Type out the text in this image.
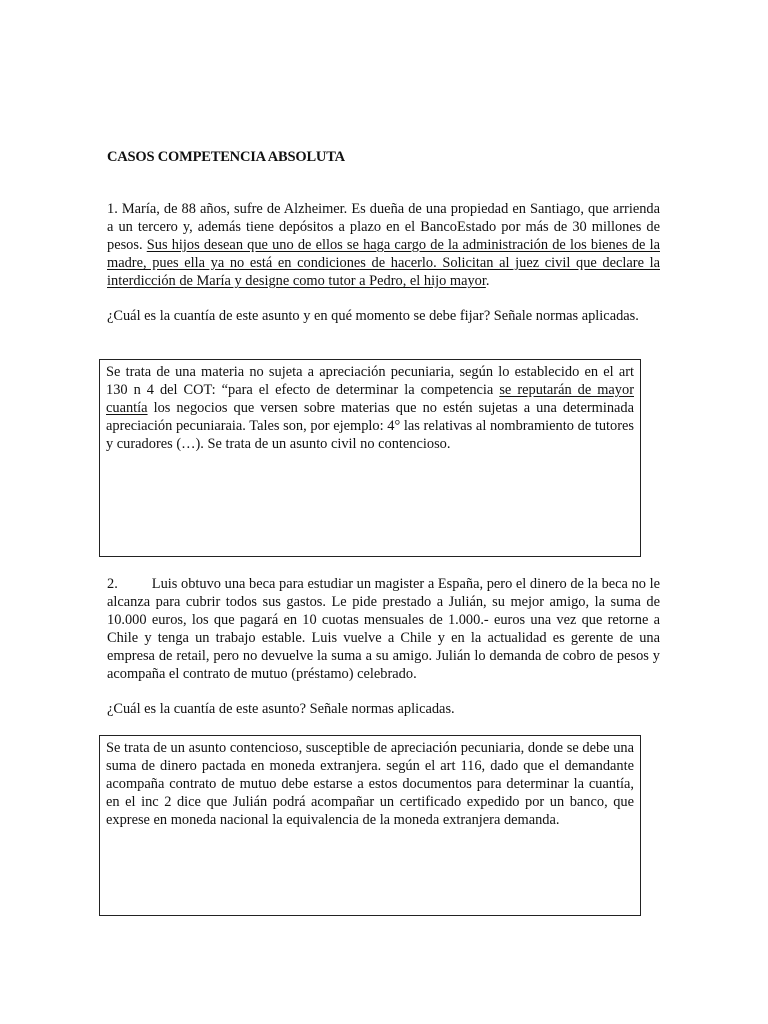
CASOS COMPETENCIA ABSOLUTA

1. María, de 88 años, sufre de Alzheimer. Es dueña de una propiedad en Santiago, que arrienda a un tercero y, además tiene depósitos a plazo en el BancoEstado por más de 30 millones de pesos. Sus hijos desean que uno de ellos se haga cargo de la administración de los bienes de la madre, pues ella ya no está en condiciones de hacerlo. Solicitan al juez civil que declare la interdicción de María y designe como tutor a Pedro, el hijo mayor.

¿Cuál es la cuantía de este asunto y en qué momento se debe fijar? Señale normas aplicadas.

Se trata de una materia no sujeta a apreciación pecuniaria, según lo establecido en el art 130 n 4 del COT: “para el efecto de determinar la competencia se reputarán de mayor cuantía los negocios que versen sobre materias que no estén sujetas a una determinada apreciación pecuniaraia. Tales son, por ejemplo: 4° las relativas al nombramiento de tutores y curadores (…). Se trata de un asunto civil no contencioso.

2. Luis obtuvo una beca para estudiar un magister a España, pero el dinero de la beca no le alcanza para cubrir todos sus gastos. Le pide prestado a Julián, su mejor amigo, la suma de 10.000 euros, los que pagará en 10 cuotas mensuales de 1.000.- euros una vez que retorne a Chile y tenga un trabajo estable. Luis vuelve a Chile y en la actualidad es gerente de una empresa de retail, pero no devuelve la suma a su amigo. Julián lo demanda de cobro de pesos y acompaña el contrato de mutuo (préstamo) celebrado.

¿Cuál es la cuantía de este asunto? Señale normas aplicadas.

Se trata de un asunto contencioso, susceptible de apreciación pecuniaria, donde se debe una suma de dinero pactada en moneda extranjera. según el art 116, dado que el demandante acompaña contrato de mutuo debe estarse a estos documentos para determinar la cuantía, en el inc 2 dice que Julián podrá acompañar un certificado expedido por un banco, que exprese en moneda nacional la equivalencia de la moneda extranjera demanda.
